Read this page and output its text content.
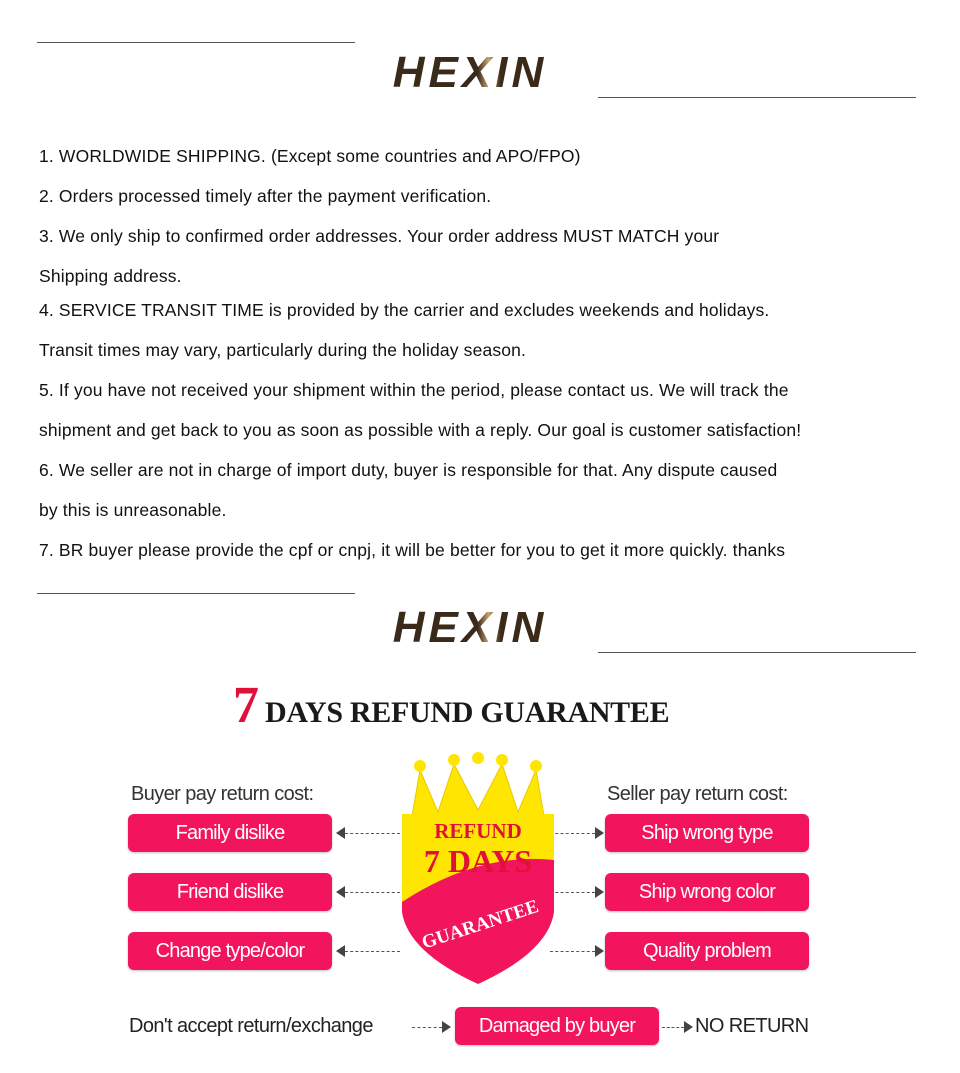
HEXIN

1. WORLDWIDE SHIPPING. (Except some countries and APO/FPO)

2. Orders processed timely after the payment verification.

3. We only ship to confirmed order addresses. Your order address MUST MATCH your

Shipping address.

4. SERVICE TRANSIT TIME is provided by the carrier and excludes weekends and holidays.

Transit times may vary, particularly during the holiday season.

5. If you have not received your shipment within the period, please contact us. We will track the

shipment and get back to you as soon as possible with a reply. Our goal is customer satisfaction!

6. We seller are not in charge of import duty, buyer is responsible for that. Any dispute caused

by this is unreasonable.

7. BR buyer please provide the cpf or cnpj, it will be better for you to get it more quickly. thanks

HEXIN
7 DAYS REFUND GUARANTEE
Buyer pay return cost:	Seller pay return cost:
Family dislike
Friend dislike
Change type/color
Ship wrong type
Ship wrong color
Quality problem
REFUND
7 DAYS
GUARANTEE
Don't accept return/exchange	Damaged by buyer	NO RETURN
